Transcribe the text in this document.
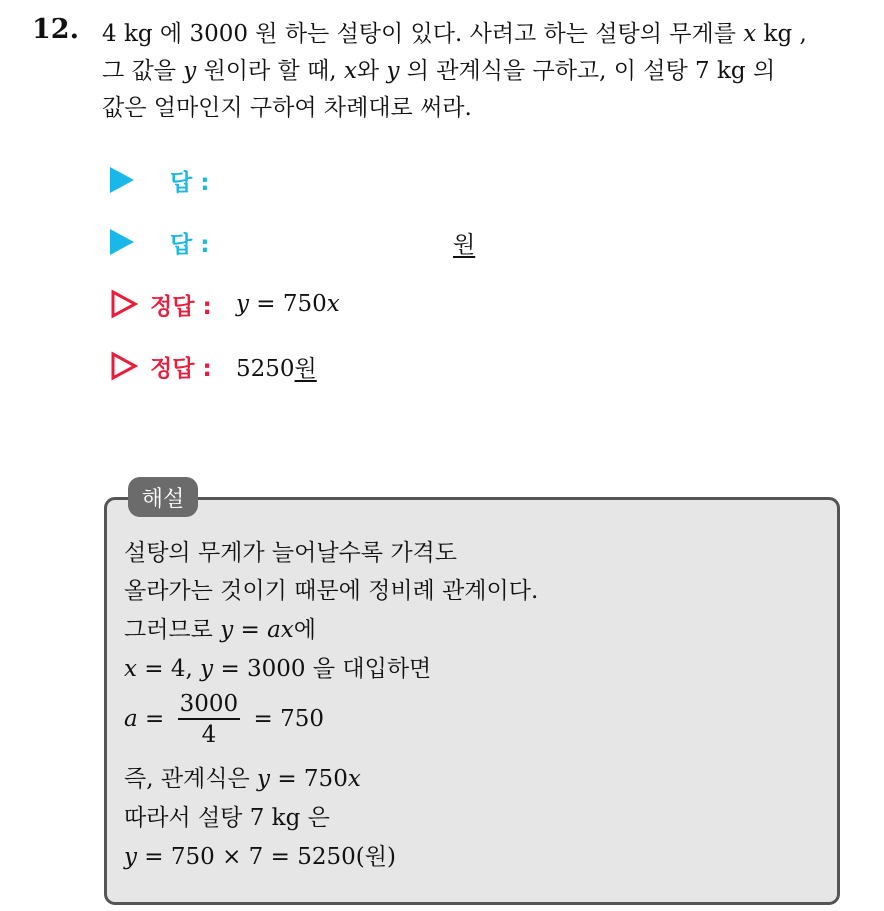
12. 4 kg 에 3000 원 하는 설탕이 있다. 사려고 하는 설탕의 무게를 x kg ,
그 값을 y 원이라 할 때, x와 y 의 관계식을 구하고, 이 설탕 7 kg 의
값은 얼마인지 구하여 차례대로 써라.
답 :
답 :	원
정답 : y = 750x
정답 : 5250원
해설
설탕의 무게가 늘어날수록 가격도
올라가는 것이기 때문에 정비례 관계이다.
그러므로 y = ax에
x = 4, y = 3000 을 대입하면
$a = \frac{3000}{4} = 750$
즉, 관계식은 y = 750x
따라서 설탕 7 kg 은
y = 750 × 7 = 5250(원)
